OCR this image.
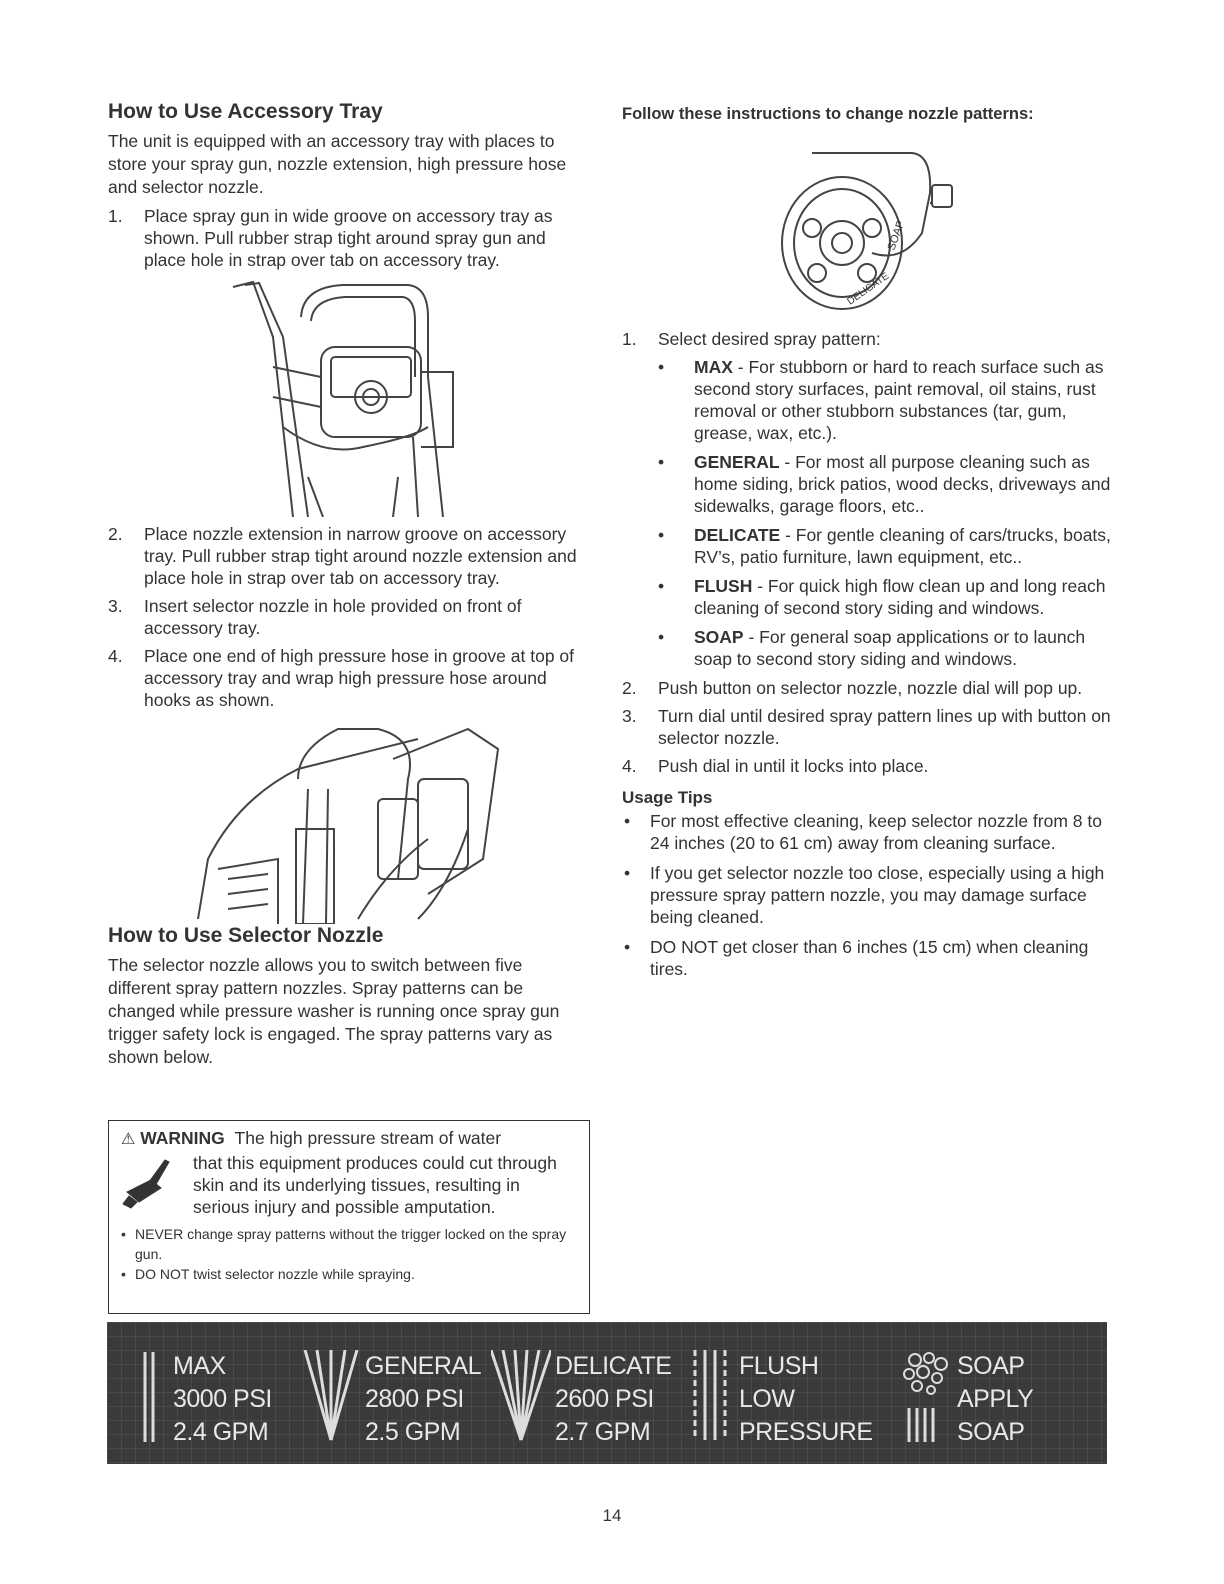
How to Use Accessory Tray

The unit is equipped with an accessory tray with places to store your spray gun, nozzle extension, high pressure hose and selector nozzle.

1. Place spray gun in wide groove on accessory tray as shown. Pull rubber strap tight around spray gun and place hole in strap over tab on accessory tray.
2. Place nozzle extension in narrow groove on accessory tray. Pull rubber strap tight around nozzle extension and place hole in strap over tab on accessory tray.
3. Insert selector nozzle in hole provided on front of accessory tray.
4. Place one end of high pressure hose in groove at top of accessory tray and wrap high pressure hose around hooks as shown.
How to Use Selector Nozzle

The selector nozzle allows you to switch between five different spray pattern nozzles. Spray patterns can be changed while pressure washer is running once spray gun trigger safety lock is engaged. The spray patterns vary as shown below.

⚠ WARNING The high pressure stream of water
that this equipment produces could cut through skin and its underlying tissues, resulting in serious injury and possible amputation.
• NEVER change spray patterns without the trigger locked on the spray gun.
• DO NOT twist selector nozzle while spraying.
Follow these instructions to change nozzle patterns:
SOAP
DELICATE
1. Select desired spray pattern:
• MAX - For stubborn or hard to reach surface such as second story surfaces, paint removal, oil stains, rust removal or other stubborn substances (tar, gum, grease, wax, etc.).
• GENERAL - For most all purpose cleaning such as home siding, brick patios, wood decks, driveways and sidewalks, garage floors, etc..
• DELICATE - For gentle cleaning of cars/trucks, boats, RV’s, patio furniture, lawn equipment, etc..
• FLUSH - For quick high flow clean up and long reach cleaning of second story siding and windows.
• SOAP - For general soap applications or to launch soap to second story siding and windows.
2. Push button on selector nozzle, nozzle dial will pop up.
3. Turn dial until desired spray pattern lines up with button on selector nozzle.
4. Push dial in until it locks into place.
Usage Tips
• For most effective cleaning, keep selector nozzle from 8 to 24 inches (20 to 61 cm) away from cleaning surface.
• If you get selector nozzle too close, especially using a high pressure spray pattern nozzle, you may damage surface being cleaned.
• DO NOT get closer than 6 inches (15 cm) when cleaning tires.
MAX
3000 PSI
2.4 GPM
GENERAL
2800 PSI
2.5 GPM
DELICATE
2600 PSI
2.7 GPM
FLUSH
LOW
PRESSURE
SOAP
APPLY
SOAP
14
